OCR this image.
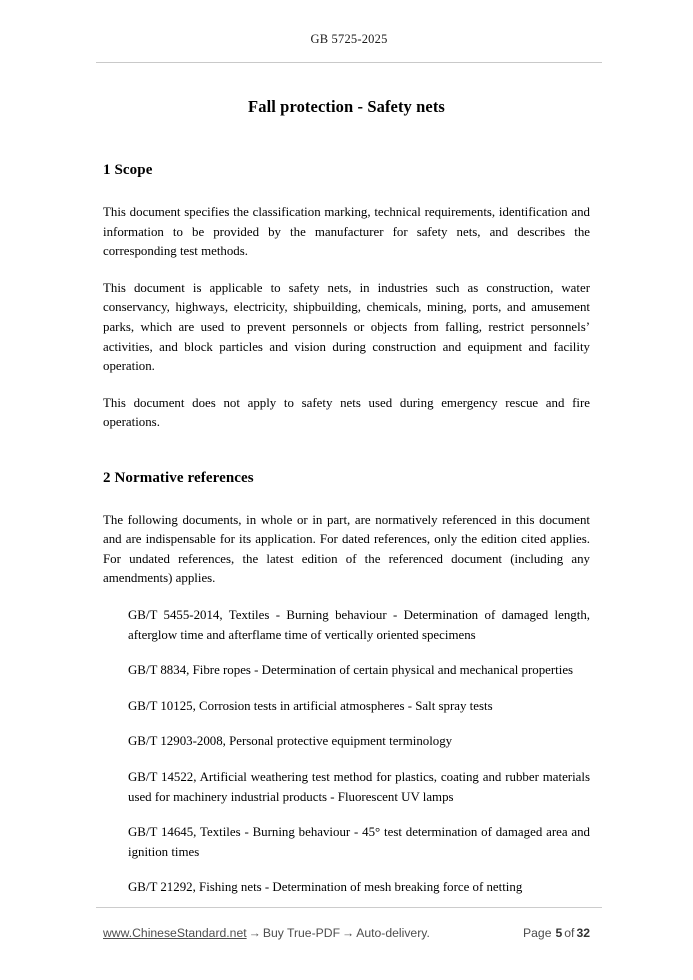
GB 5725-2025
Fall protection - Safety nets
1 Scope

This document specifies the classification marking, technical requirements, identification and information to be provided by the manufacturer for safety nets, and describes the corresponding test methods.

This document is applicable to safety nets, in industries such as construction, water conservancy, highways, electricity, shipbuilding, chemicals, mining, ports, and amusement parks, which are used to prevent personnels or objects from falling, restrict personnels’ activities, and block particles and vision during construction and equipment and facility operation.

This document does not apply to safety nets used during emergency rescue and fire operations.

2 Normative references

The following documents, in whole or in part, are normatively referenced in this document and are indispensable for its application. For dated references, only the edition cited applies. For undated references, the latest edition of the referenced document (including any amendments) applies.

GB/T 5455-2014, Textiles - Burning behaviour - Determination of damaged length, afterglow time and afterflame time of vertically oriented specimens
GB/T 8834, Fibre ropes - Determination of certain physical and mechanical properties
GB/T 10125, Corrosion tests in artificial atmospheres - Salt spray tests
GB/T 12903-2008, Personal protective equipment terminology
GB/T 14522, Artificial weathering test method for plastics, coating and rubber materials used for machinery industrial products - Fluorescent UV lamps
GB/T 14645, Textiles - Burning behaviour - 45° test determination of damaged area and ignition times
GB/T 21292, Fishing nets - Determination of mesh breaking force of netting
www.ChineseStandard.net → Buy True-PDF → Auto-delivery.	Page 5 of 32
